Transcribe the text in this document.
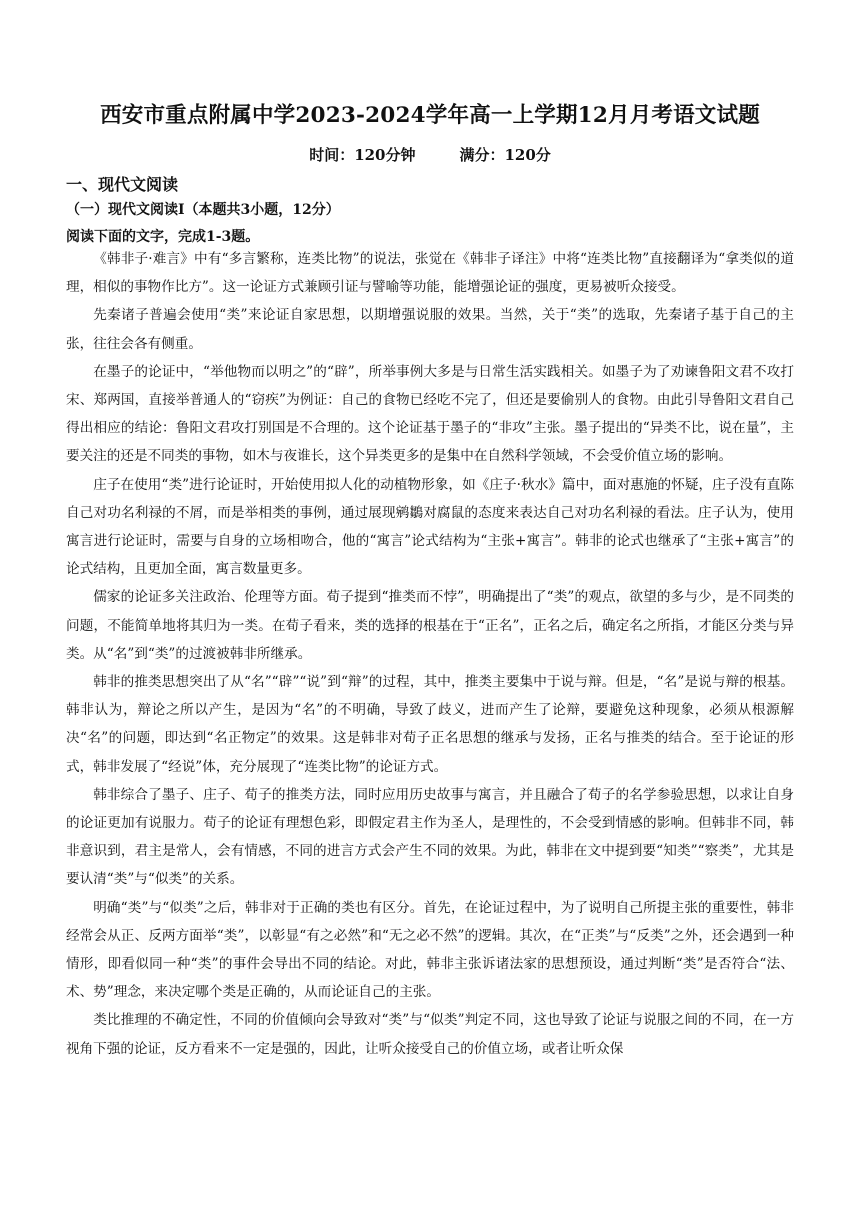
西安市重点附属中学2023-2024学年高一上学期12月月考语文试题
时间：120分钟	满分：120分
一、现代文阅读
（一）现代文阅读Ⅰ（本题共3小题，12分）
阅读下面的文字，完成1-3题。

《韩非子·难言》中有“多言繁称，连类比物”的说法，张觉在《韩非子译注》中将“连类比物”直接翻译为“拿类似的道理，相似的事物作比方”。这一论证方式兼顾引证与譬喻等功能，能增强论证的强度，更易被听众接受。

先秦诸子普遍会使用“类”来论证自家思想，以期增强说服的效果。当然，关于“类”的选取，先秦诸子基于自己的主张，往往会各有侧重。

在墨子的论证中，“举他物而以明之”的“辟”，所举事例大多是与日常生活实践相关。如墨子为了劝谏鲁阳文君不攻打宋、郑两国，直接举普通人的“窃疾”为例证：自己的食物已经吃不完了，但还是要偷别人的食物。由此引导鲁阳文君自己得出相应的结论：鲁阳文君攻打别国是不合理的。这个论证基于墨子的“非攻”主张。墨子提出的“异类不比，说在量”，主要关注的还是不同类的事物，如木与夜谁长，这个异类更多的是集中在自然科学领域，不会受价值立场的影响。

庄子在使用“类”进行论证时，开始使用拟人化的动植物形象，如《庄子·秋水》篇中，面对惠施的怀疑，庄子没有直陈自己对功名利禄的不屑，而是举相类的事例，通过展现鹓鶵对腐鼠的态度来表达自己对功名利禄的看法。庄子认为，使用寓言进行论证时，需要与自身的立场相吻合，他的“寓言”论式结构为“主张+寓言”。韩非的论式也继承了“主张+寓言”的论式结构，且更加全面，寓言数量更多。

儒家的论证多关注政治、伦理等方面。荀子提到“推类而不悖”，明确提出了“类”的观点，欲望的多与少，是不同类的问题，不能简单地将其归为一类。在荀子看来，类的选择的根基在于“正名”，正名之后，确定名之所指，才能区分类与异类。从“名”到“类”的过渡被韩非所继承。

韩非的推类思想突出了从“名”“辟”“说”到“辩”的过程，其中，推类主要集中于说与辩。但是，“名”是说与辩的根基。韩非认为，辩论之所以产生，是因为“名”的不明确，导致了歧义，进而产生了论辩，要避免这种现象，必须从根源解决“名”的问题，即达到“名正物定”的效果。这是韩非对荀子正名思想的继承与发扬，正名与推类的结合。至于论证的形式，韩非发展了“经说”体，充分展现了“连类比物”的论证方式。

韩非综合了墨子、庄子、荀子的推类方法，同时应用历史故事与寓言，并且融合了荀子的名学参验思想，以求让自身的论证更加有说服力。荀子的论证有理想色彩，即假定君主作为圣人，是理性的，不会受到情感的影响。但韩非不同，韩非意识到，君主是常人，会有情感，不同的进言方式会产生不同的效果。为此，韩非在文中提到要“知类”“察类”，尤其是要认清“类”与“似类”的关系。

明确“类”与“似类”之后，韩非对于正确的类也有区分。首先，在论证过程中，为了说明自己所提主张的重要性，韩非经常会从正、反两方面举“类”，以彰显“有之必然”和“无之必不然”的逻辑。其次，在“正类”与“反类”之外，还会遇到一种情形，即看似同一种“类”的事件会导出不同的结论。对此，韩非主张诉诸法家的思想预设，通过判断“类”是否符合“法、术、势”理念，来决定哪个类是正确的，从而论证自己的主张。

类比推理的不确定性，不同的价值倾向会导致对“类”与“似类”判定不同，这也导致了论证与说服之间的不同，在一方视角下强的论证，反方看来不一定是强的，因此，让听众接受自己的价值立场，或者让听众保
